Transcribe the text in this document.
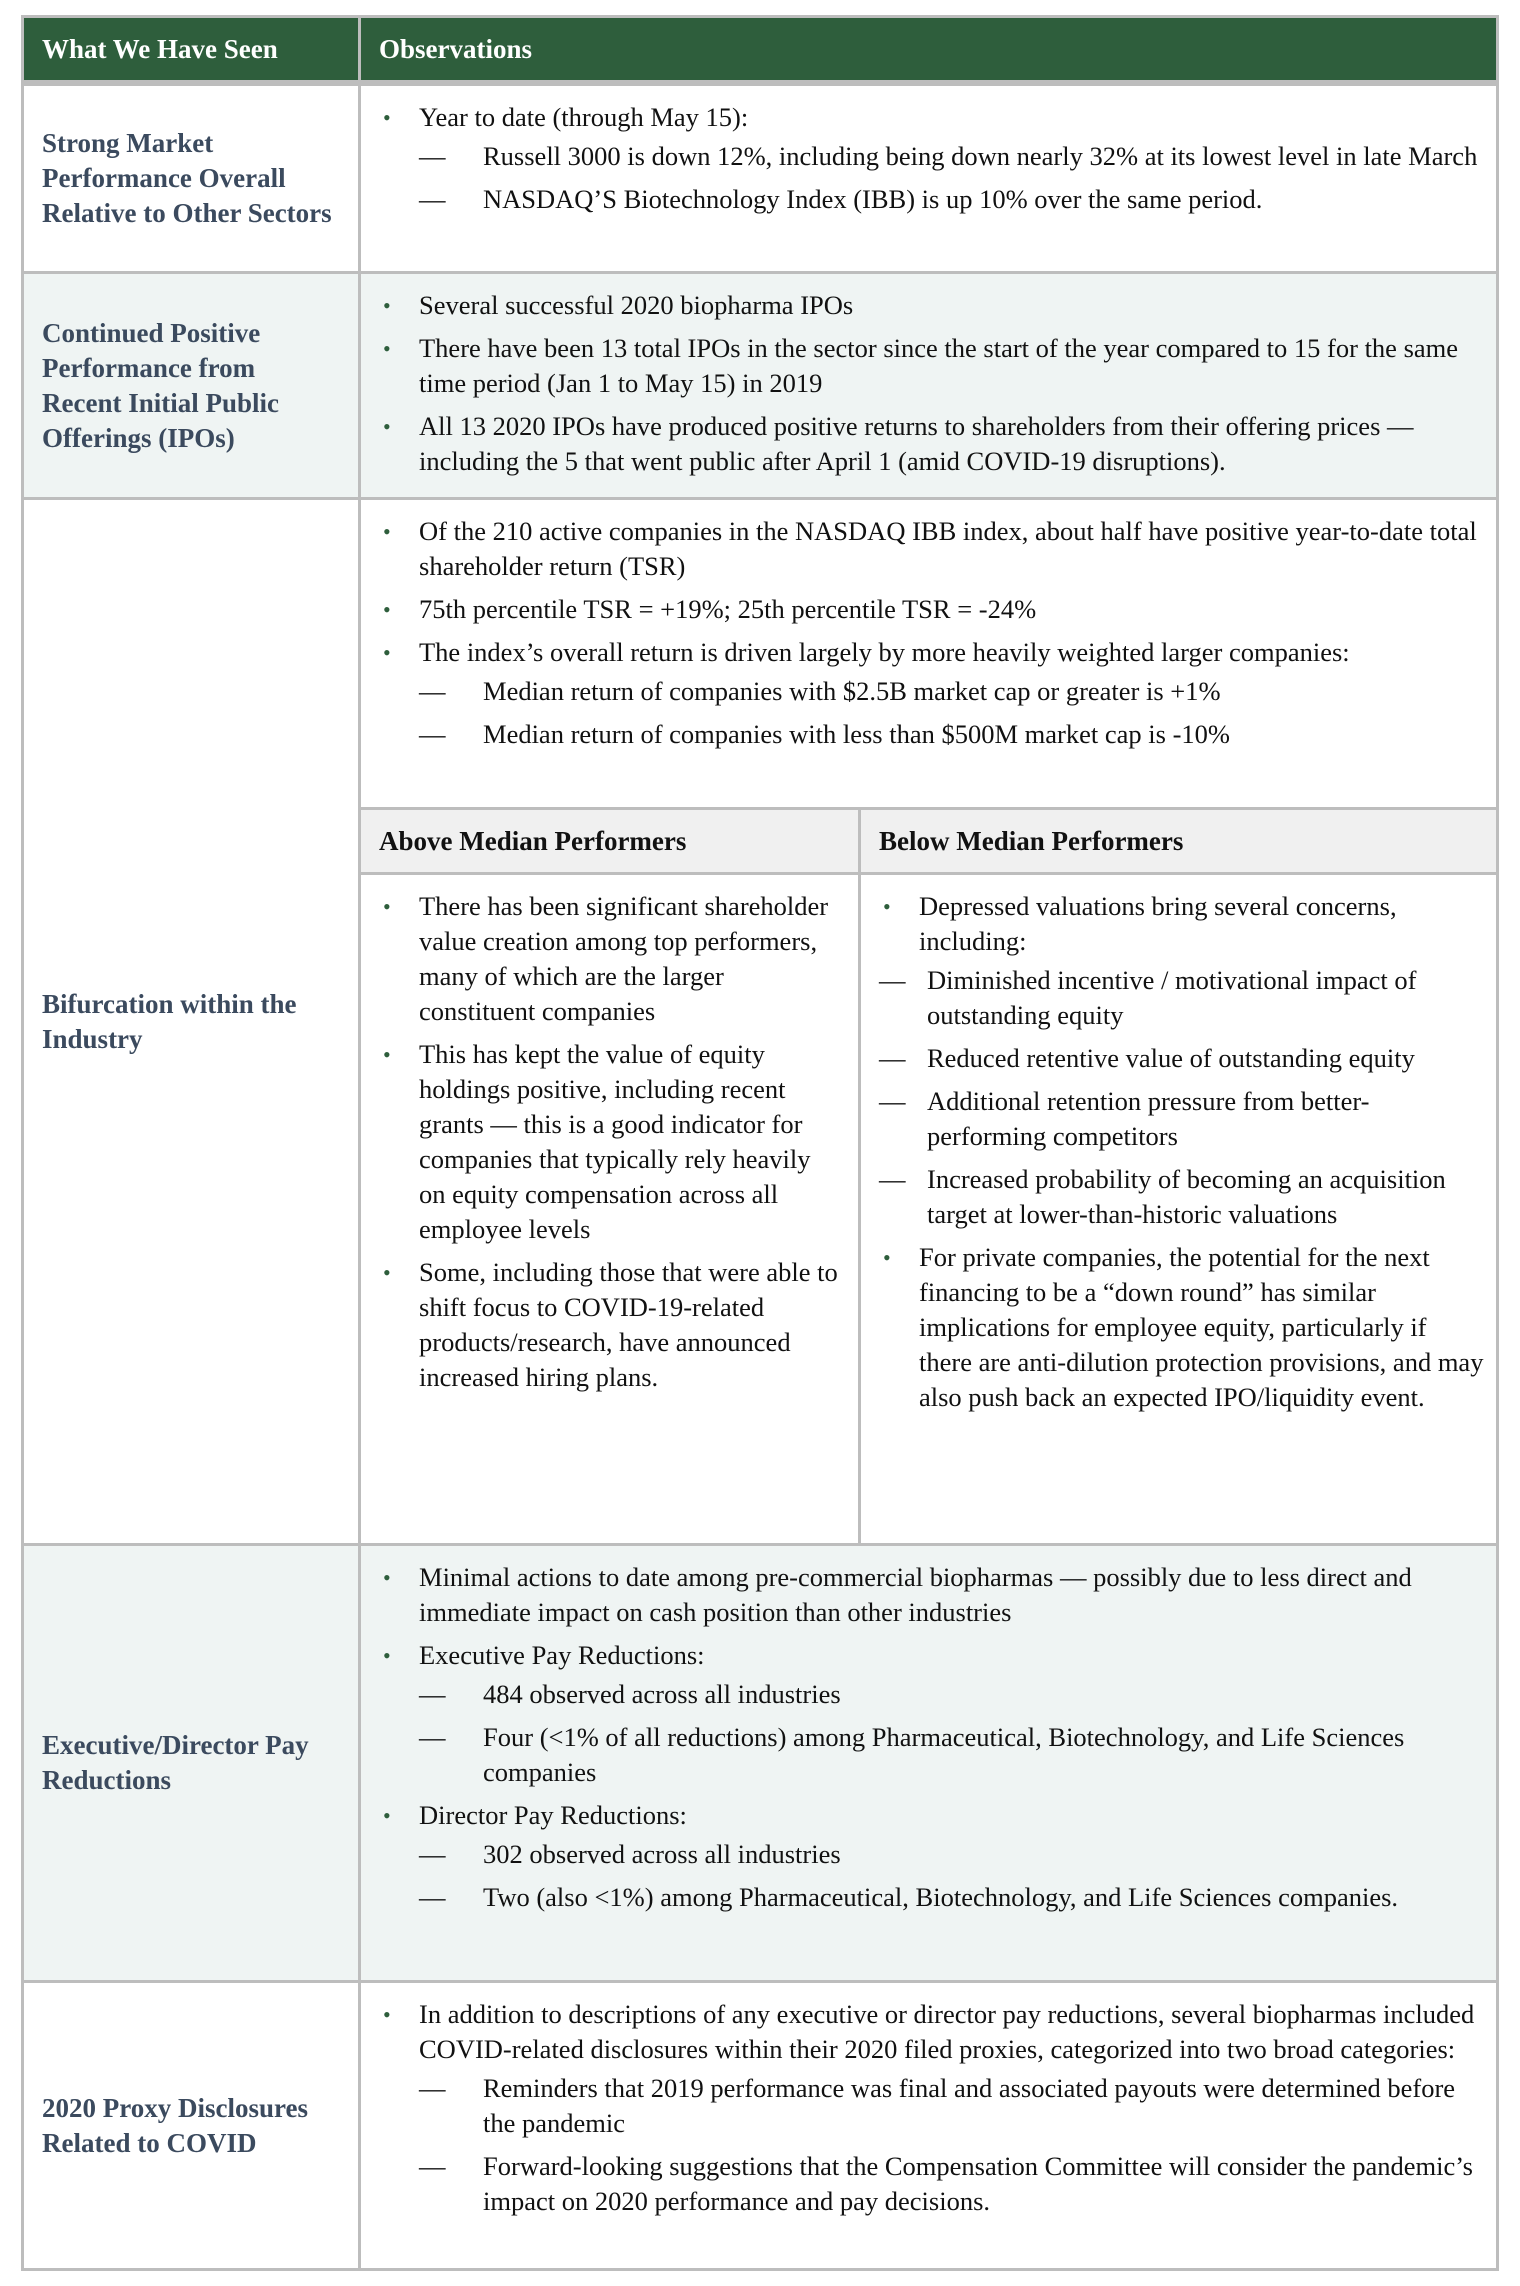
What We Have Seen	Observations
Strong Market Performance Overall Relative to Other Sectors
• Year to date (through May 15):
— Russell 3000 is down 12%, including being down nearly 32% at its lowest level in late March
— NASDAQ’S Biotechnology Index (IBB) is up 10% over the same period.
Continued Positive Performance from Recent Initial Public Offerings (IPOs)
• Several successful 2020 biopharma IPOs
• There have been 13 total IPOs in the sector since the start of the year compared to 15 for the same time period (Jan 1 to May 15) in 2019
• All 13 2020 IPOs have produced positive returns to shareholders from their offering prices — including the 5 that went public after April 1 (amid COVID-19 disruptions).
Bifurcation within the Industry
• Of the 210 active companies in the NASDAQ IBB index, about half have positive year-to-date total shareholder return (TSR)
• 75th percentile TSR = +19%; 25th percentile TSR = -24%
• The index’s overall return is driven largely by more heavily weighted larger companies:
— Median return of companies with $2.5B market cap or greater is +1%
— Median return of companies with less than $500M market cap is -10%
Above Median Performers	Below Median Performers
• There has been significant shareholder value creation among top performers, many of which are the larger constituent companies
• This has kept the value of equity holdings positive, including recent grants — this is a good indicator for companies that typically rely heavily on equity compensation across all employee levels
• Some, including those that were able to shift focus to COVID-19-related products/research, have announced increased hiring plans.
• Depressed valuations bring several concerns, including:
— Diminished incentive / motivational impact of outstanding equity
— Reduced retentive value of outstanding equity
— Additional retention pressure from better-performing competitors
— Increased probability of becoming an acquisition target at lower-than-historic valuations
• For private companies, the potential for the next financing to be a “down round” has similar implications for employee equity, particularly if there are anti-dilution protection provisions, and may also push back an expected IPO/liquidity event.
Executive/Director Pay Reductions
• Minimal actions to date among pre-commercial biopharmas — possibly due to less direct and immediate impact on cash position than other industries
• Executive Pay Reductions:
— 484 observed across all industries
— Four (<1% of all reductions) among Pharmaceutical, Biotechnology, and Life Sciences companies
• Director Pay Reductions:
— 302 observed across all industries
— Two (also <1%) among Pharmaceutical, Biotechnology, and Life Sciences companies.
2020 Proxy Disclosures Related to COVID
• In addition to descriptions of any executive or director pay reductions, several biopharmas included COVID-related disclosures within their 2020 filed proxies, categorized into two broad categories:
— Reminders that 2019 performance was final and associated payouts were determined before the pandemic
— Forward-looking suggestions that the Compensation Committee will consider the pandemic’s impact on 2020 performance and pay decisions.
